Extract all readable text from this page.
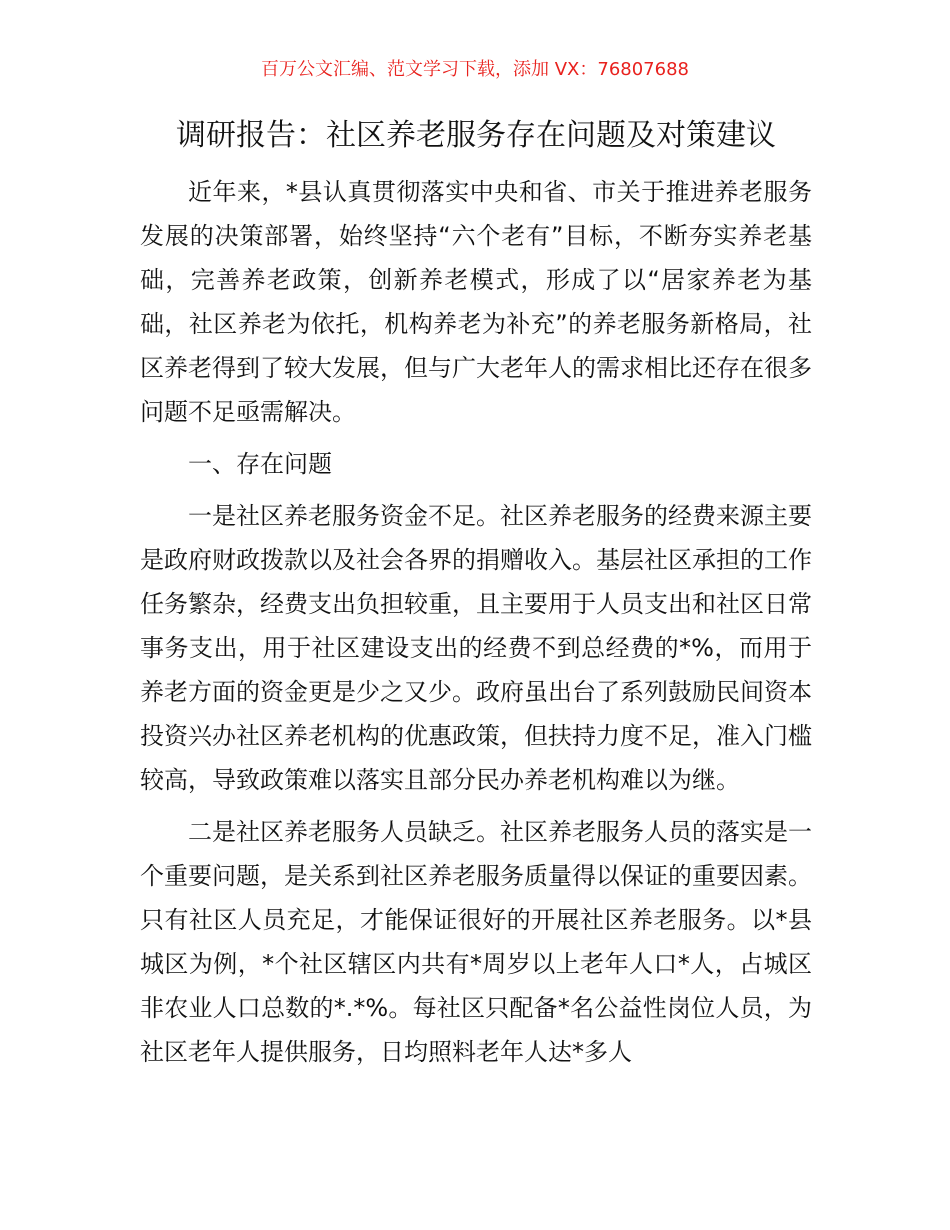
百万公文汇编、范文学习下载，添加 VX：76807688
调研报告：社区养老服务存在问题及对策建议

近年来，*县认真贯彻落实中央和省、市关于推进养老服务发展的决策部署，始终坚持“六个老有”目标，不断夯实养老基础，完善养老政策，创新养老模式，形成了以“居家养老为基础，社区养老为依托，机构养老为补充”的养老服务新格局，社区养老得到了较大发展，但与广大老年人的需求相比还存在很多问题不足亟需解决。

一、存在问题

一是社区养老服务资金不足。社区养老服务的经费来源主要是政府财政拨款以及社会各界的捐赠收入。基层社区承担的工作任务繁杂，经费支出负担较重，且主要用于人员支出和社区日常事务支出，用于社区建设支出的经费不到总经费的*%，而用于养老方面的资金更是少之又少。政府虽出台了系列鼓励民间资本投资兴办社区养老机构的优惠政策，但扶持力度不足，准入门槛较高，导致政策难以落实且部分民办养老机构难以为继。

二是社区养老服务人员缺乏。社区养老服务人员的落实是一个重要问题，是关系到社区养老服务质量得以保证的重要因素。只有社区人员充足，才能保证很好的开展社区养老服务。以*县城区为例，*个社区辖区内共有*周岁以上老年人口*人，占城区非农业人口总数的*.*%。每社区只配备*名公益性岗位人员，为社区老年人提供服务，日均照料老年人达*多人
